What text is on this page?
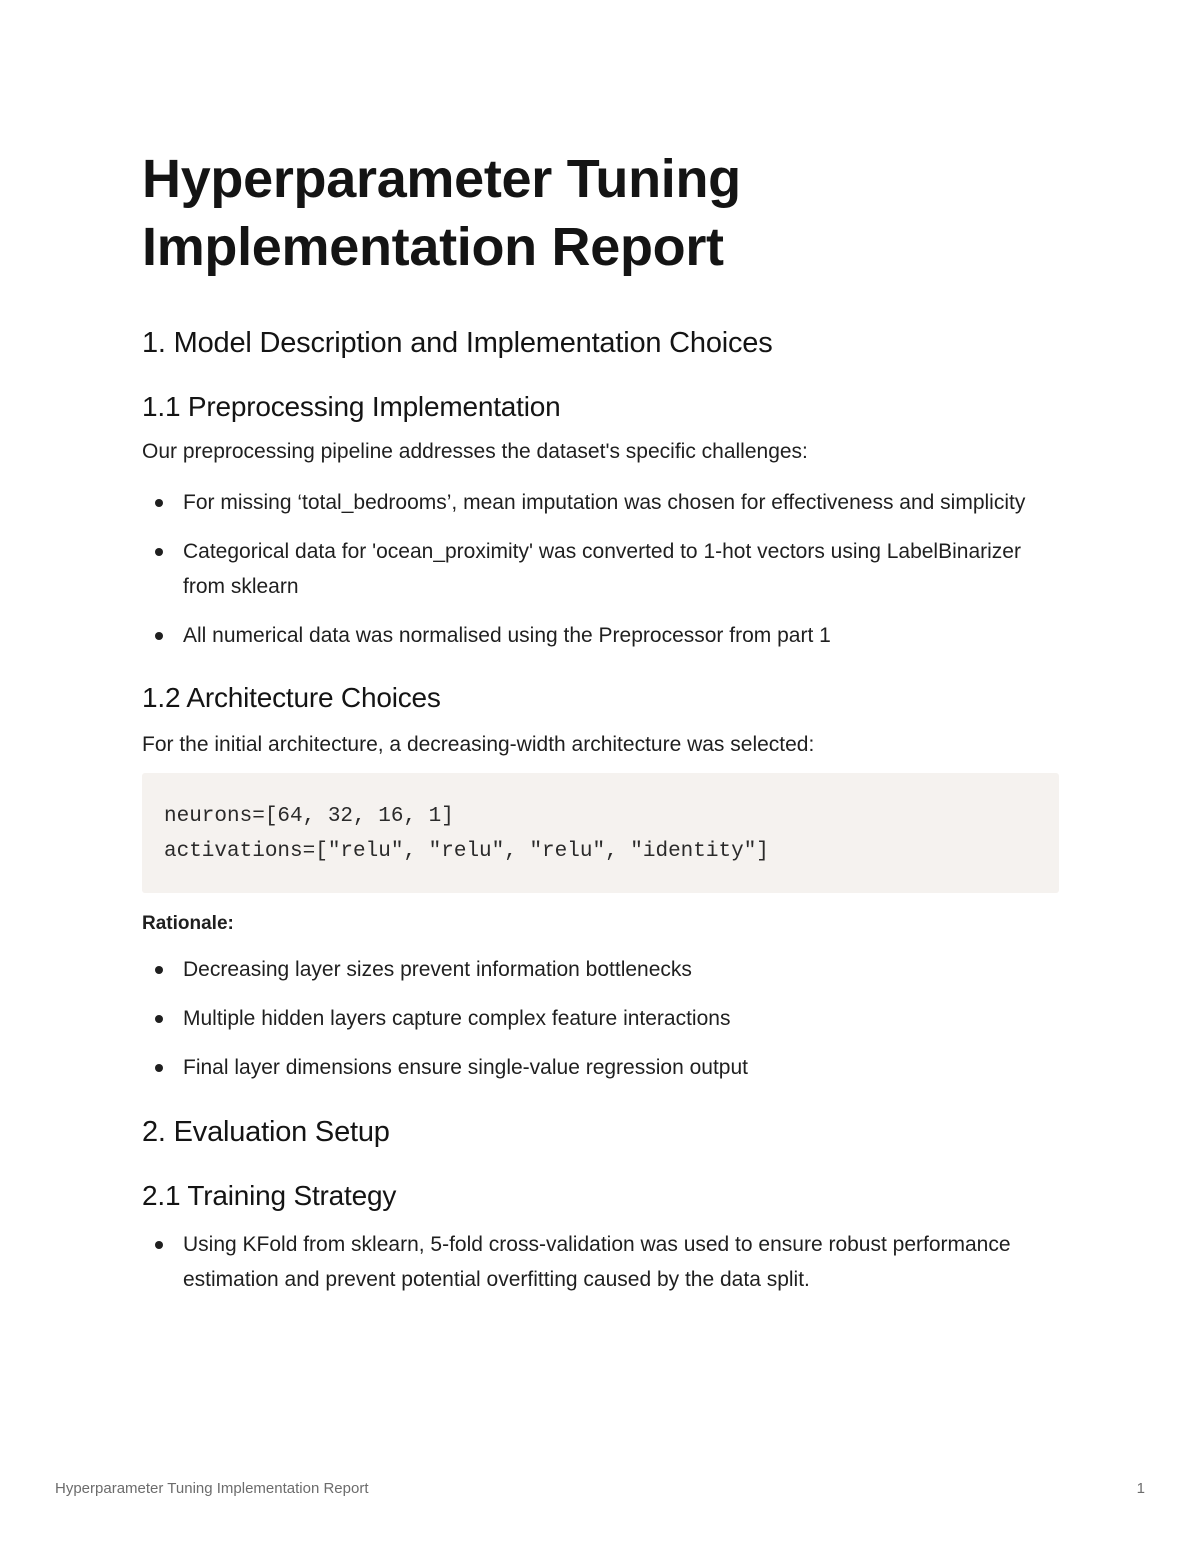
Hyperparameter Tuning
Implementation Report
1. Model Description and Implementation Choices
1.1 Preprocessing Implementation

Our preprocessing pipeline addresses the dataset's specific challenges:

For missing ‘total_bedrooms’, mean imputation was chosen for effectiveness and simplicity
Categorical data for 'ocean_proximity' was converted to 1-hot vectors using LabelBinarizer from sklearn
All numerical data was normalised using the Preprocessor from part 1
1.2 Architecture Choices

For the initial architecture, a decreasing-width architecture was selected:

neurons=[64, 32, 16, 1]
activations=["relu", "relu", "relu", "identity"]

Rationale:

Decreasing layer sizes prevent information bottlenecks
Multiple hidden layers capture complex feature interactions
Final layer dimensions ensure single-value regression output
2. Evaluation Setup
2.1 Training Strategy
Using KFold from sklearn, 5-fold cross-validation was used to ensure robust performance estimation and prevent potential overfitting caused by the data split.
Hyperparameter Tuning Implementation Report	1
